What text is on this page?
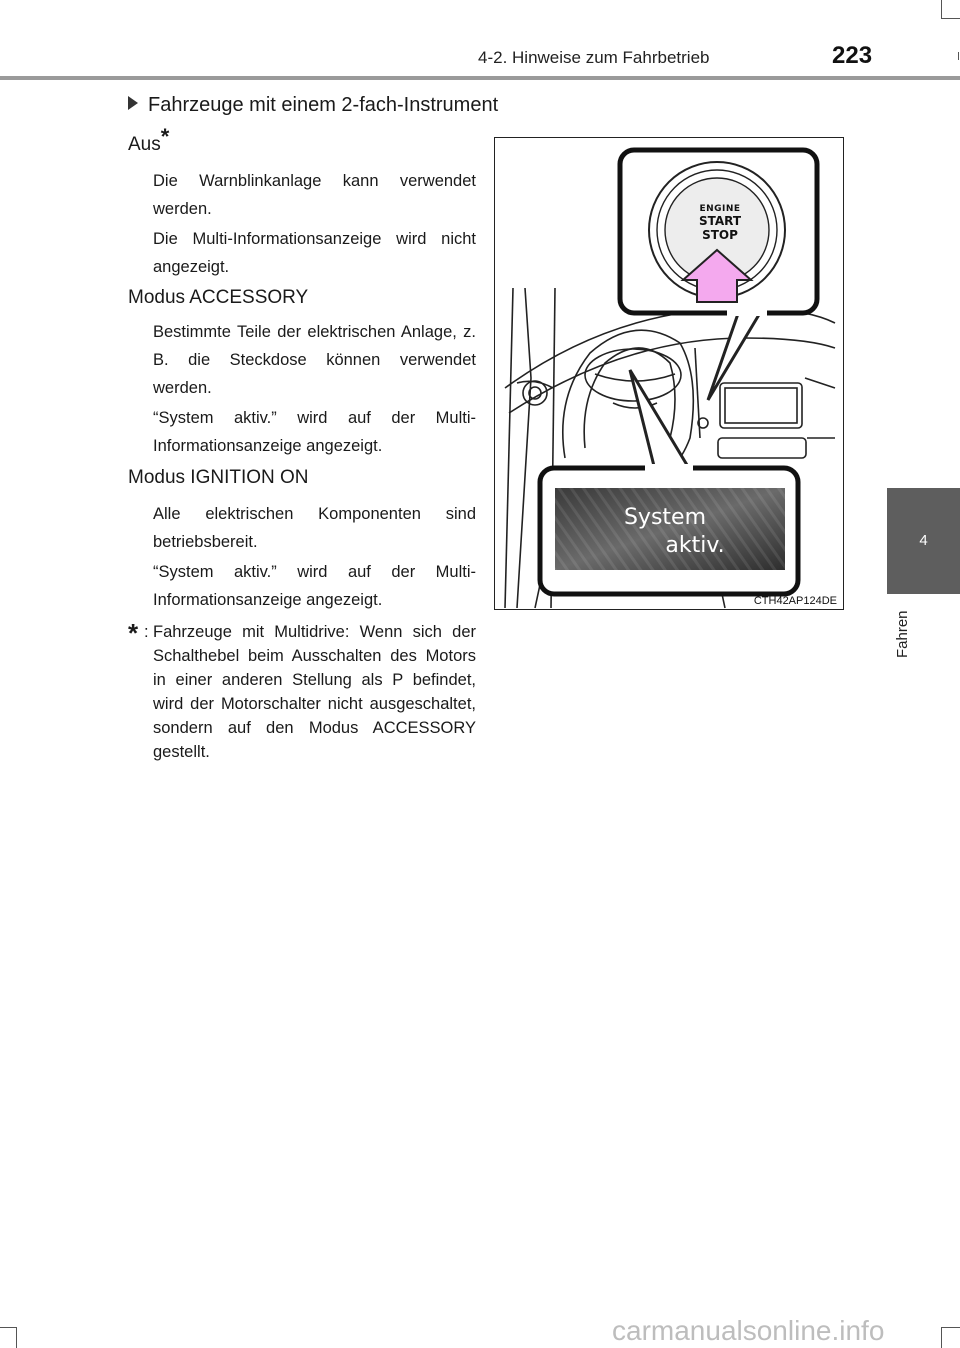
4-2. Hinweise zum Fahrbetrieb	223
4
Fahren
Fahrzeuge mit einem 2-fach-Instrument
Aus*
Die Warnblinkanlage kann verwendet werden.
Die Multi-Informationsanzeige wird nicht angezeigt.
Modus ACCESSORY
Bestimmte Teile der elektrischen Anlage, z. B. die Steckdose können verwendet werden.
“System aktiv.” wird auf der Multi-Informationsanzeige angezeigt.
Modus IGNITION ON
Alle elektrischen Komponenten sind betriebsbereit.
“System aktiv.” wird auf der Multi-Informationsanzeige angezeigt.
* : Fahrzeuge mit Multidrive: Wenn sich der Schalthebel beim Ausschalten des Motors in einer anderen Stellung als P befindet, wird der Motorschalter nicht ausgeschaltet, sondern auf den Modus ACCESSORY gestellt.
ENGINE
START
STOP
System
aktiv.
CTH42AP124DE
carmanualsonline.info
